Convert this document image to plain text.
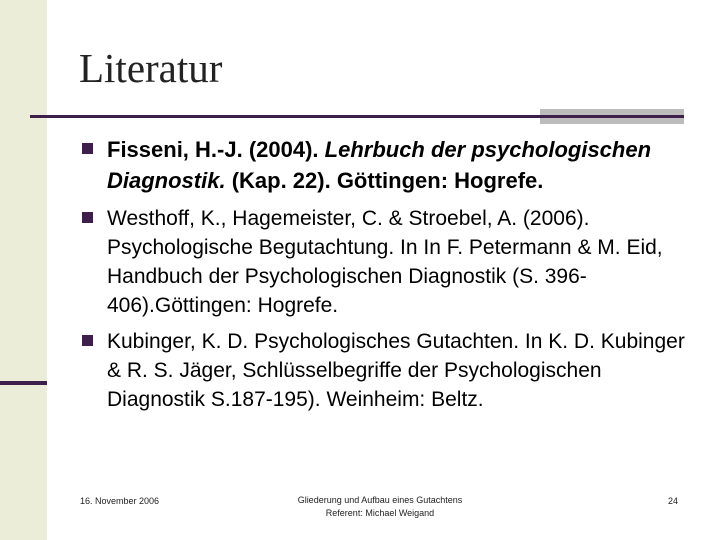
Literatur
Fisseni, H.-J. (2004). Lehrbuch der psychologischen Diagnostik. (Kap. 22). Göttingen: Hogrefe.
Westhoff, K., Hagemeister, C. & Stroebel, A. (2006). Psychologische Begutachtung. In In F. Petermann & M. Eid, Handbuch der Psychologischen Diagnostik (S. 396-406).Göttingen: Hogrefe.
Kubinger, K. D. Psychologisches Gutachten. In K. D. Kubinger & R. S. Jäger, Schlüsselbegriffe der Psychologischen Diagnostik S.187-195). Weinheim: Beltz.
16. November 2006	Gliederung und Aufbau eines Gutachtens
Referent: Michael Weigand
24
